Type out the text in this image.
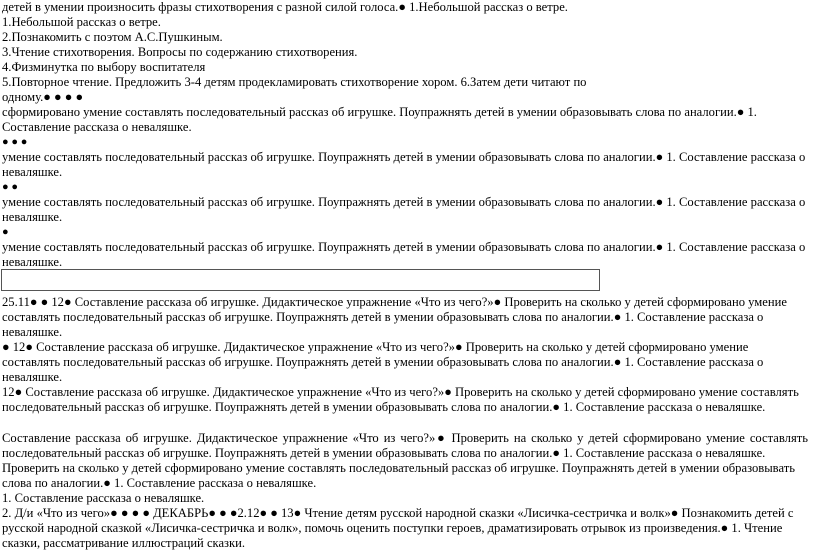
детей в умении произносить фразы стихотворения с разной силой голоса.● 1.Небольшой рассказ о ветре.

1.Небольшой рассказ о ветре.

2.Познакомить с поэтом А.С.Пушкиным.

3.Чтение стихотворения. Вопросы по содержанию стихотворения.

4.Физминутка по выбору воспитателя

5.Повторное чтение. Предложить 3-4 детям продекламировать стихотворение хором. 6.Затем дети читают по одному.● ● ● ●

сформировано умение составлять последовательный рассказ об игрушке. Поупражнять детей в умении образовывать слова по аналогии.● 1. Составление рассказа о неваляшке.

● ● ●

умение составлять последовательный рассказ об игрушке. Поупражнять детей в умении образовывать слова по аналогии.● 1. Составление рассказа о неваляшке.

● ●

умение составлять последовательный рассказ об игрушке. Поупражнять детей в умении образовывать слова по аналогии.● 1. Составление рассказа о неваляшке.

●

умение составлять последовательный рассказ об игрушке. Поупражнять детей в умении образовывать слова по аналогии.● 1. Составление рассказа о неваляшке.

25.11● ● 12● Составление рассказа об игрушке. Дидактическое упражнение «Что из чего?»● Проверить на сколько у детей сформировано умение составлять последовательный рассказ об игрушке. Поупражнять детей в умении образовывать слова по аналогии.● 1. Составление рассказа о неваляшке.

● 12● Составление рассказа об игрушке. Дидактическое упражнение «Что из чего?»● Проверить на сколько у детей сформировано умение составлять последовательный рассказ об игрушке. Поупражнять детей в умении образовывать слова по аналогии.● 1. Составление рассказа о неваляшке.

12● Составление рассказа об игрушке. Дидактическое упражнение «Что из чего?»● Проверить на сколько у детей сформировано умение составлять последовательный рассказ об игрушке. Поупражнять детей в умении образовывать слова по аналогии.● 1. Составление рассказа о неваляшке.

Составление рассказа об игрушке. Дидактическое упражнение «Что из чего?»● Проверить на сколько у детей сформировано умение составлять последовательный рассказ об игрушке. Поупражнять детей в умении образовывать слова по аналогии.● 1. Составление рассказа о неваляшке.

Проверить на сколько у детей сформировано умение составлять последовательный рассказ об игрушке. Поупражнять детей в умении образовывать слова по аналогии.● 1. Составление рассказа о неваляшке.

1. Составление рассказа о неваляшке.

2. Д/и «Что из чего»● ● ● ● ДЕКАБРЬ● ● ●2.12● ● 13● Чтение детям русской народной сказки «Лисичка-сестричка и волк»● Познакомить детей с русской народной сказкой «Лисичка-сестричка и волк», помочь оценить поступки героев, драматизировать отрывок из произведения.● 1. Чтение сказки, рассматривание иллюстраций сказки.
